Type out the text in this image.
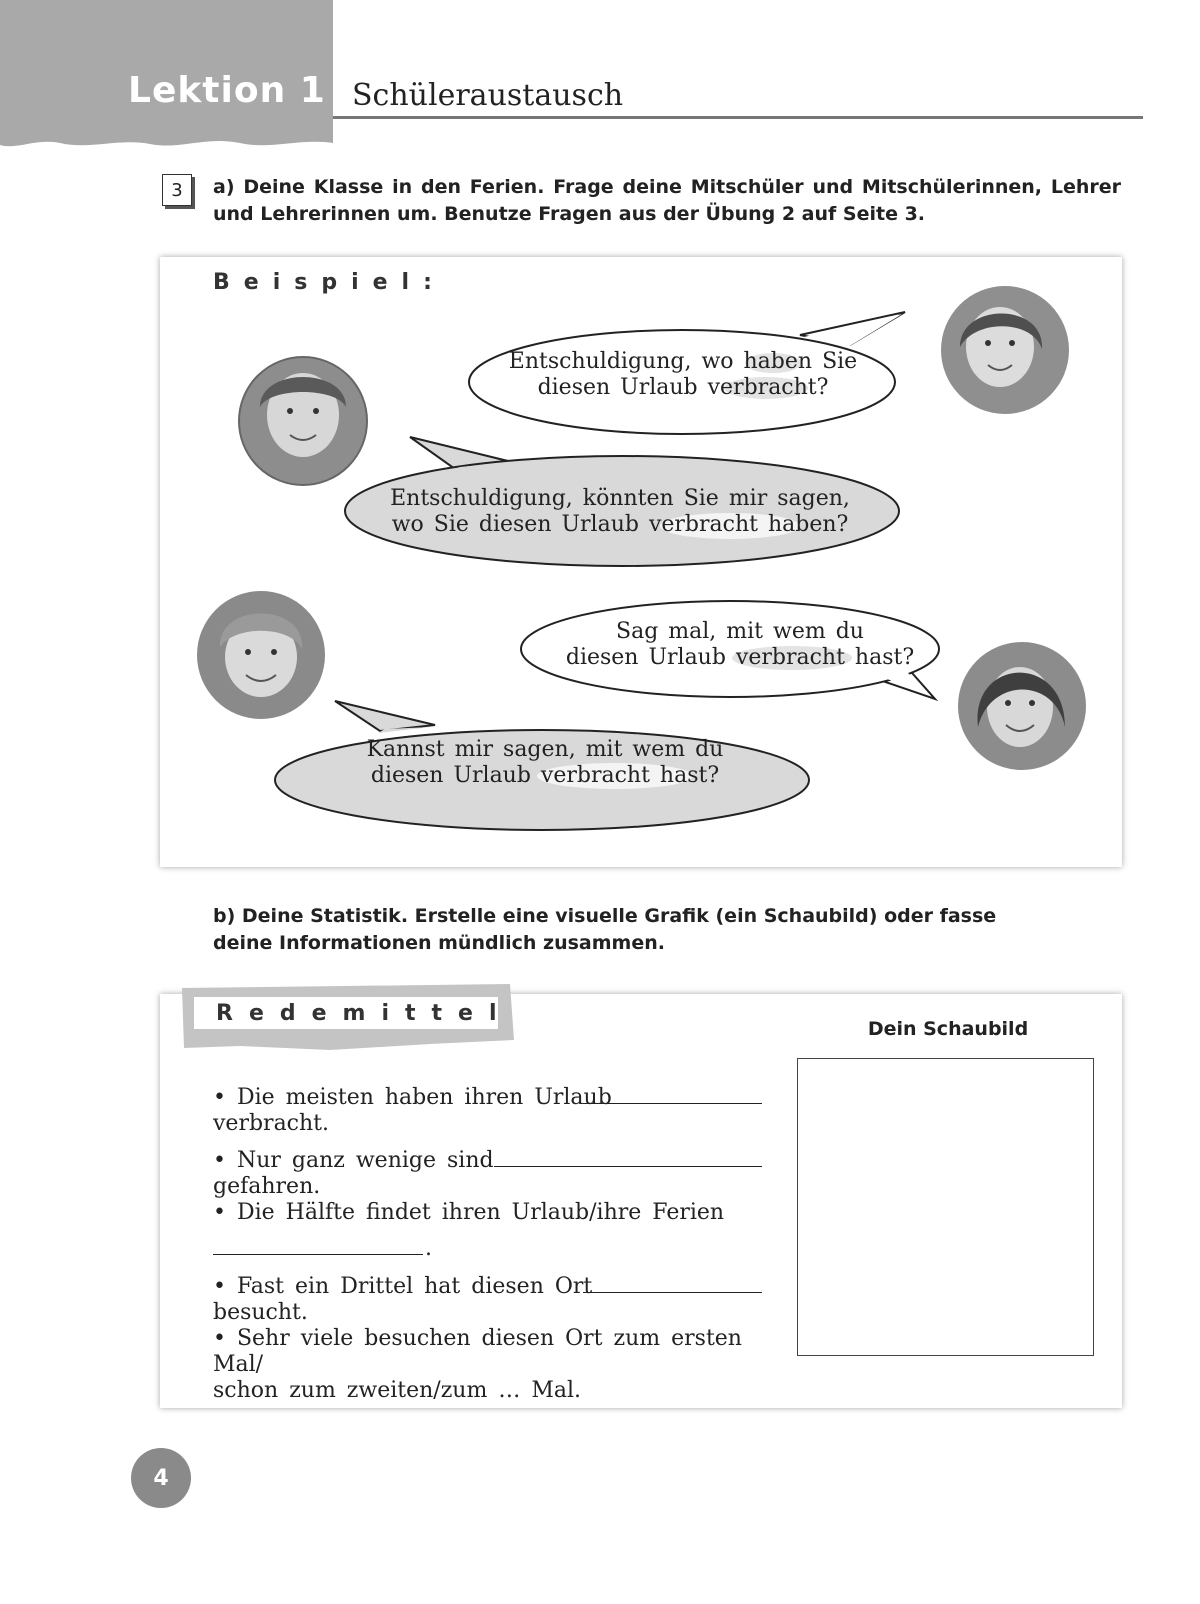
Lektion 1 Schüleraustausch
3	a) Deine Klasse in den Ferien. Frage deine Mitschüler und Mitschülerinnen, Lehrer und Lehrerinnen um. Benutze Fragen aus der Übung 2 auf Seite 3.
Beispiel:
Entschuldigung, wo haben Sie
diesen Urlaub verbracht?
Entschuldigung, könnten Sie mir sagen,
wo Sie diesen Urlaub verbracht haben?
Sag mal, mit wem du
diesen Urlaub verbracht hast?
Kannst mir sagen, mit wem du
diesen Urlaub verbracht hast?
b) Deine Statistik. Erstelle eine visuelle Grafik (ein Schaubild) oder fasse deine Informationen mündlich zusammen.
Redemittel
• Die meisten haben ihren Urlaub
verbracht.
• Nur ganz wenige sind
gefahren.
• Die Hälfte findet ihren Urlaub/ihre Ferien
.
• Fast ein Drittel hat diesen Ort
besucht.
• Sehr viele besuchen diesen Ort zum ersten Mal/
schon zum zweiten/zum … Mal.
Dein Schaubild
4
